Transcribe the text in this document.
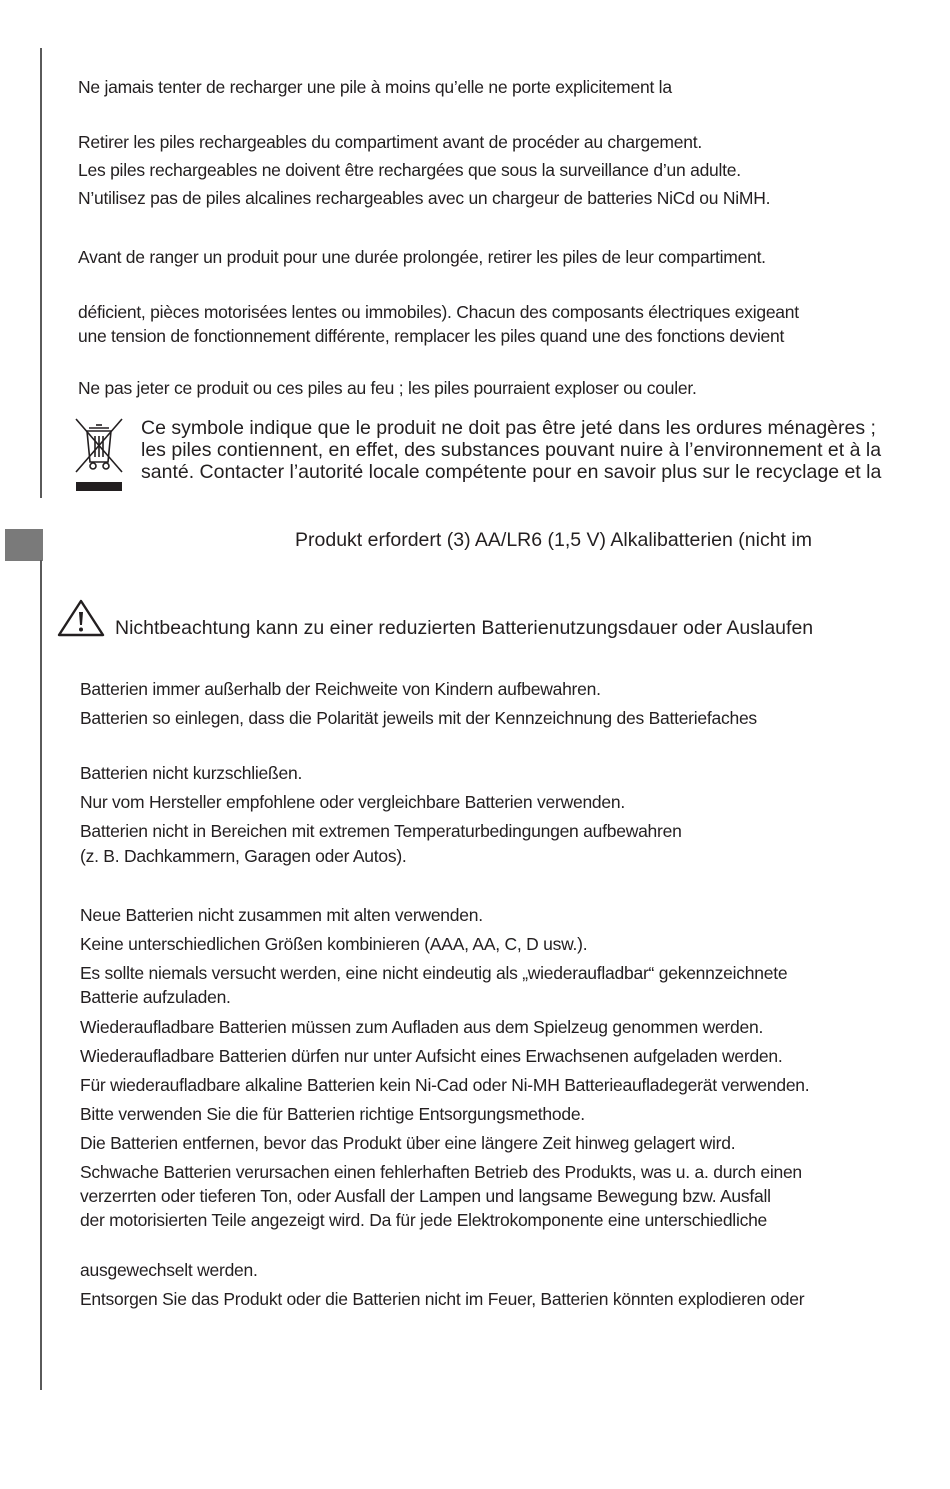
Ne jamais tenter de recharger une pile à moins qu’elle ne porte explicitement la
Retirer les piles rechargeables du compartiment avant de procéder au chargement.
Les piles rechargeables ne doivent être rechargées que sous la surveillance d’un adulte.
N’utilisez pas de piles alcalines rechargeables avec un chargeur de batteries NiCd ou NiMH.
Avant de ranger un produit pour une durée prolongée, retirer les piles de leur compartiment.
déficient, pièces motorisées lentes ou immobiles). Chacun des composants électriques exigeant
une tension de fonctionnement différente, remplacer les piles quand une des fonctions devient
Ne pas jeter ce produit ou ces piles au feu ; les piles pourraient exploser ou couler.
Ce symbole indique que le produit ne doit pas être jeté dans les ordures ménagères ;
les piles contiennent, en effet, des substances pouvant nuire à l’environnement et à la
santé. Contacter l’autorité locale compétente pour en savoir plus sur le recyclage et la
Produkt erfordert (3) AA/LR6 (1,5 V) Alkalibatterien (nicht im
Nichtbeachtung kann zu einer reduzierten Batterienutzungsdauer oder Auslaufen
Batterien immer außerhalb der Reichweite von Kindern aufbewahren.
Batterien so einlegen, dass die Polarität jeweils mit der Kennzeichnung des Batteriefaches
Batterien nicht kurzschließen.
Nur vom Hersteller empfohlene oder vergleichbare Batterien verwenden.
Batterien nicht in Bereichen mit extremen Temperaturbedingungen aufbewahren
(z. B. Dachkammern, Garagen oder Autos).
Neue Batterien nicht zusammen mit alten verwenden.
Keine unterschiedlichen Größen kombinieren (AAA, AA, C, D usw.).
Es sollte niemals versucht werden, eine nicht eindeutig als „wiederaufladbar“ gekennzeichnete
Batterie aufzuladen.
Wiederaufladbare Batterien müssen zum Aufladen aus dem Spielzeug genommen werden.
Wiederaufladbare Batterien dürfen nur unter Aufsicht eines Erwachsenen aufgeladen werden.
Für wiederaufladbare alkaline Batterien kein Ni-Cad oder Ni-MH Batterieaufladegerät verwenden.
Bitte verwenden Sie die für Batterien richtige Entsorgungsmethode.
Die Batterien entfernen, bevor das Produkt über eine längere Zeit hinweg gelagert wird.
Schwache Batterien verursachen einen fehlerhaften Betrieb des Produkts, was u. a. durch einen
verzerrten oder tieferen Ton, oder Ausfall der Lampen und langsame Bewegung bzw. Ausfall
der motorisierten Teile angezeigt wird. Da für jede Elektrokomponente eine unterschiedliche
ausgewechselt werden.
Entsorgen Sie das Produkt oder die Batterien nicht im Feuer, Batterien könnten explodieren oder
